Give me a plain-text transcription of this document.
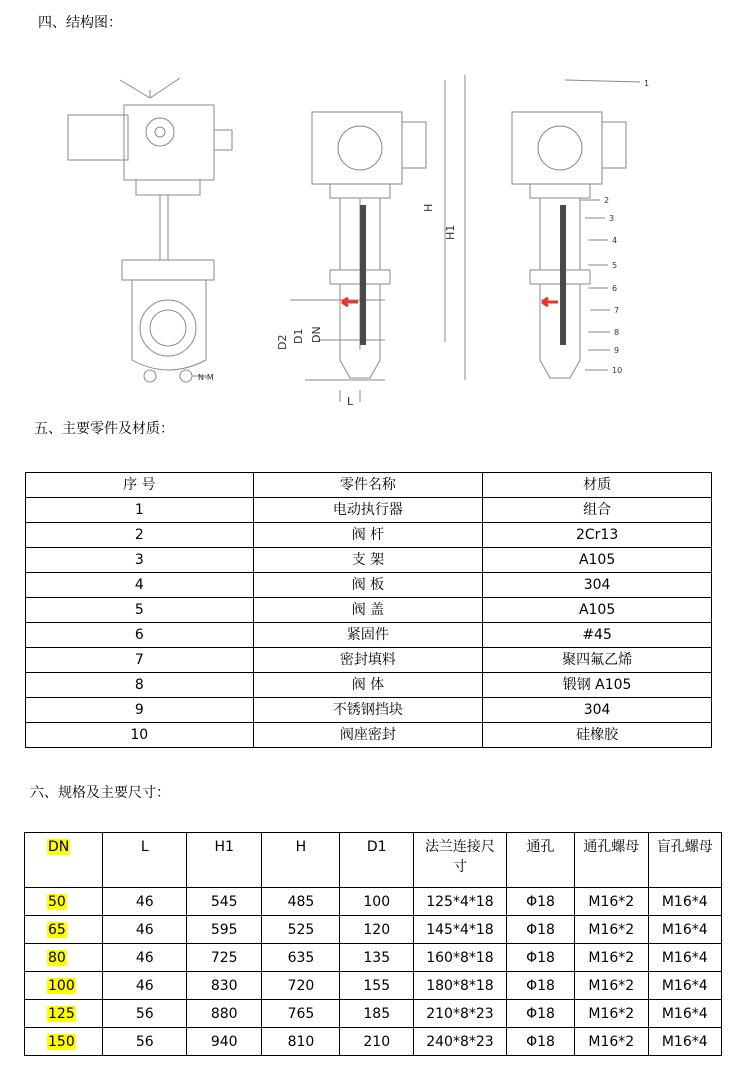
四、结构图：
H
H1
D2 D1 DN
L
N-M
1
2
3
4
5
6
7
8
9
10
五、主要零件及材质：
序 号	零件名称	材质
1	电动执行器	组合
2	阀 杆	2Cr13
3	支 架	A105
4	阀 板	304
5	阀 盖	A105
6	紧固件	#45
7	密封填料	聚四氟乙烯
8	阀 体	锻钢 A105
9	不锈钢挡块	304
10	阀座密封	硅橡胶
六、规格及主要尺寸：
DN	L	H1	H	D1	法兰连接尺寸	通孔	通孔螺母	盲孔螺母
50	46	545	485	100	125*4*18	Φ18	M16*2	M16*4
65	46	595	525	120	145*4*18	Φ18	M16*2	M16*4
80	46	725	635	135	160*8*18	Φ18	M16*2	M16*4
100	46	830	720	155	180*8*18	Φ18	M16*2	M16*4
125	56	880	765	185	210*8*23	Φ18	M16*2	M16*4
150	56	940	810	210	240*8*23	Φ18	M16*2	M16*4
